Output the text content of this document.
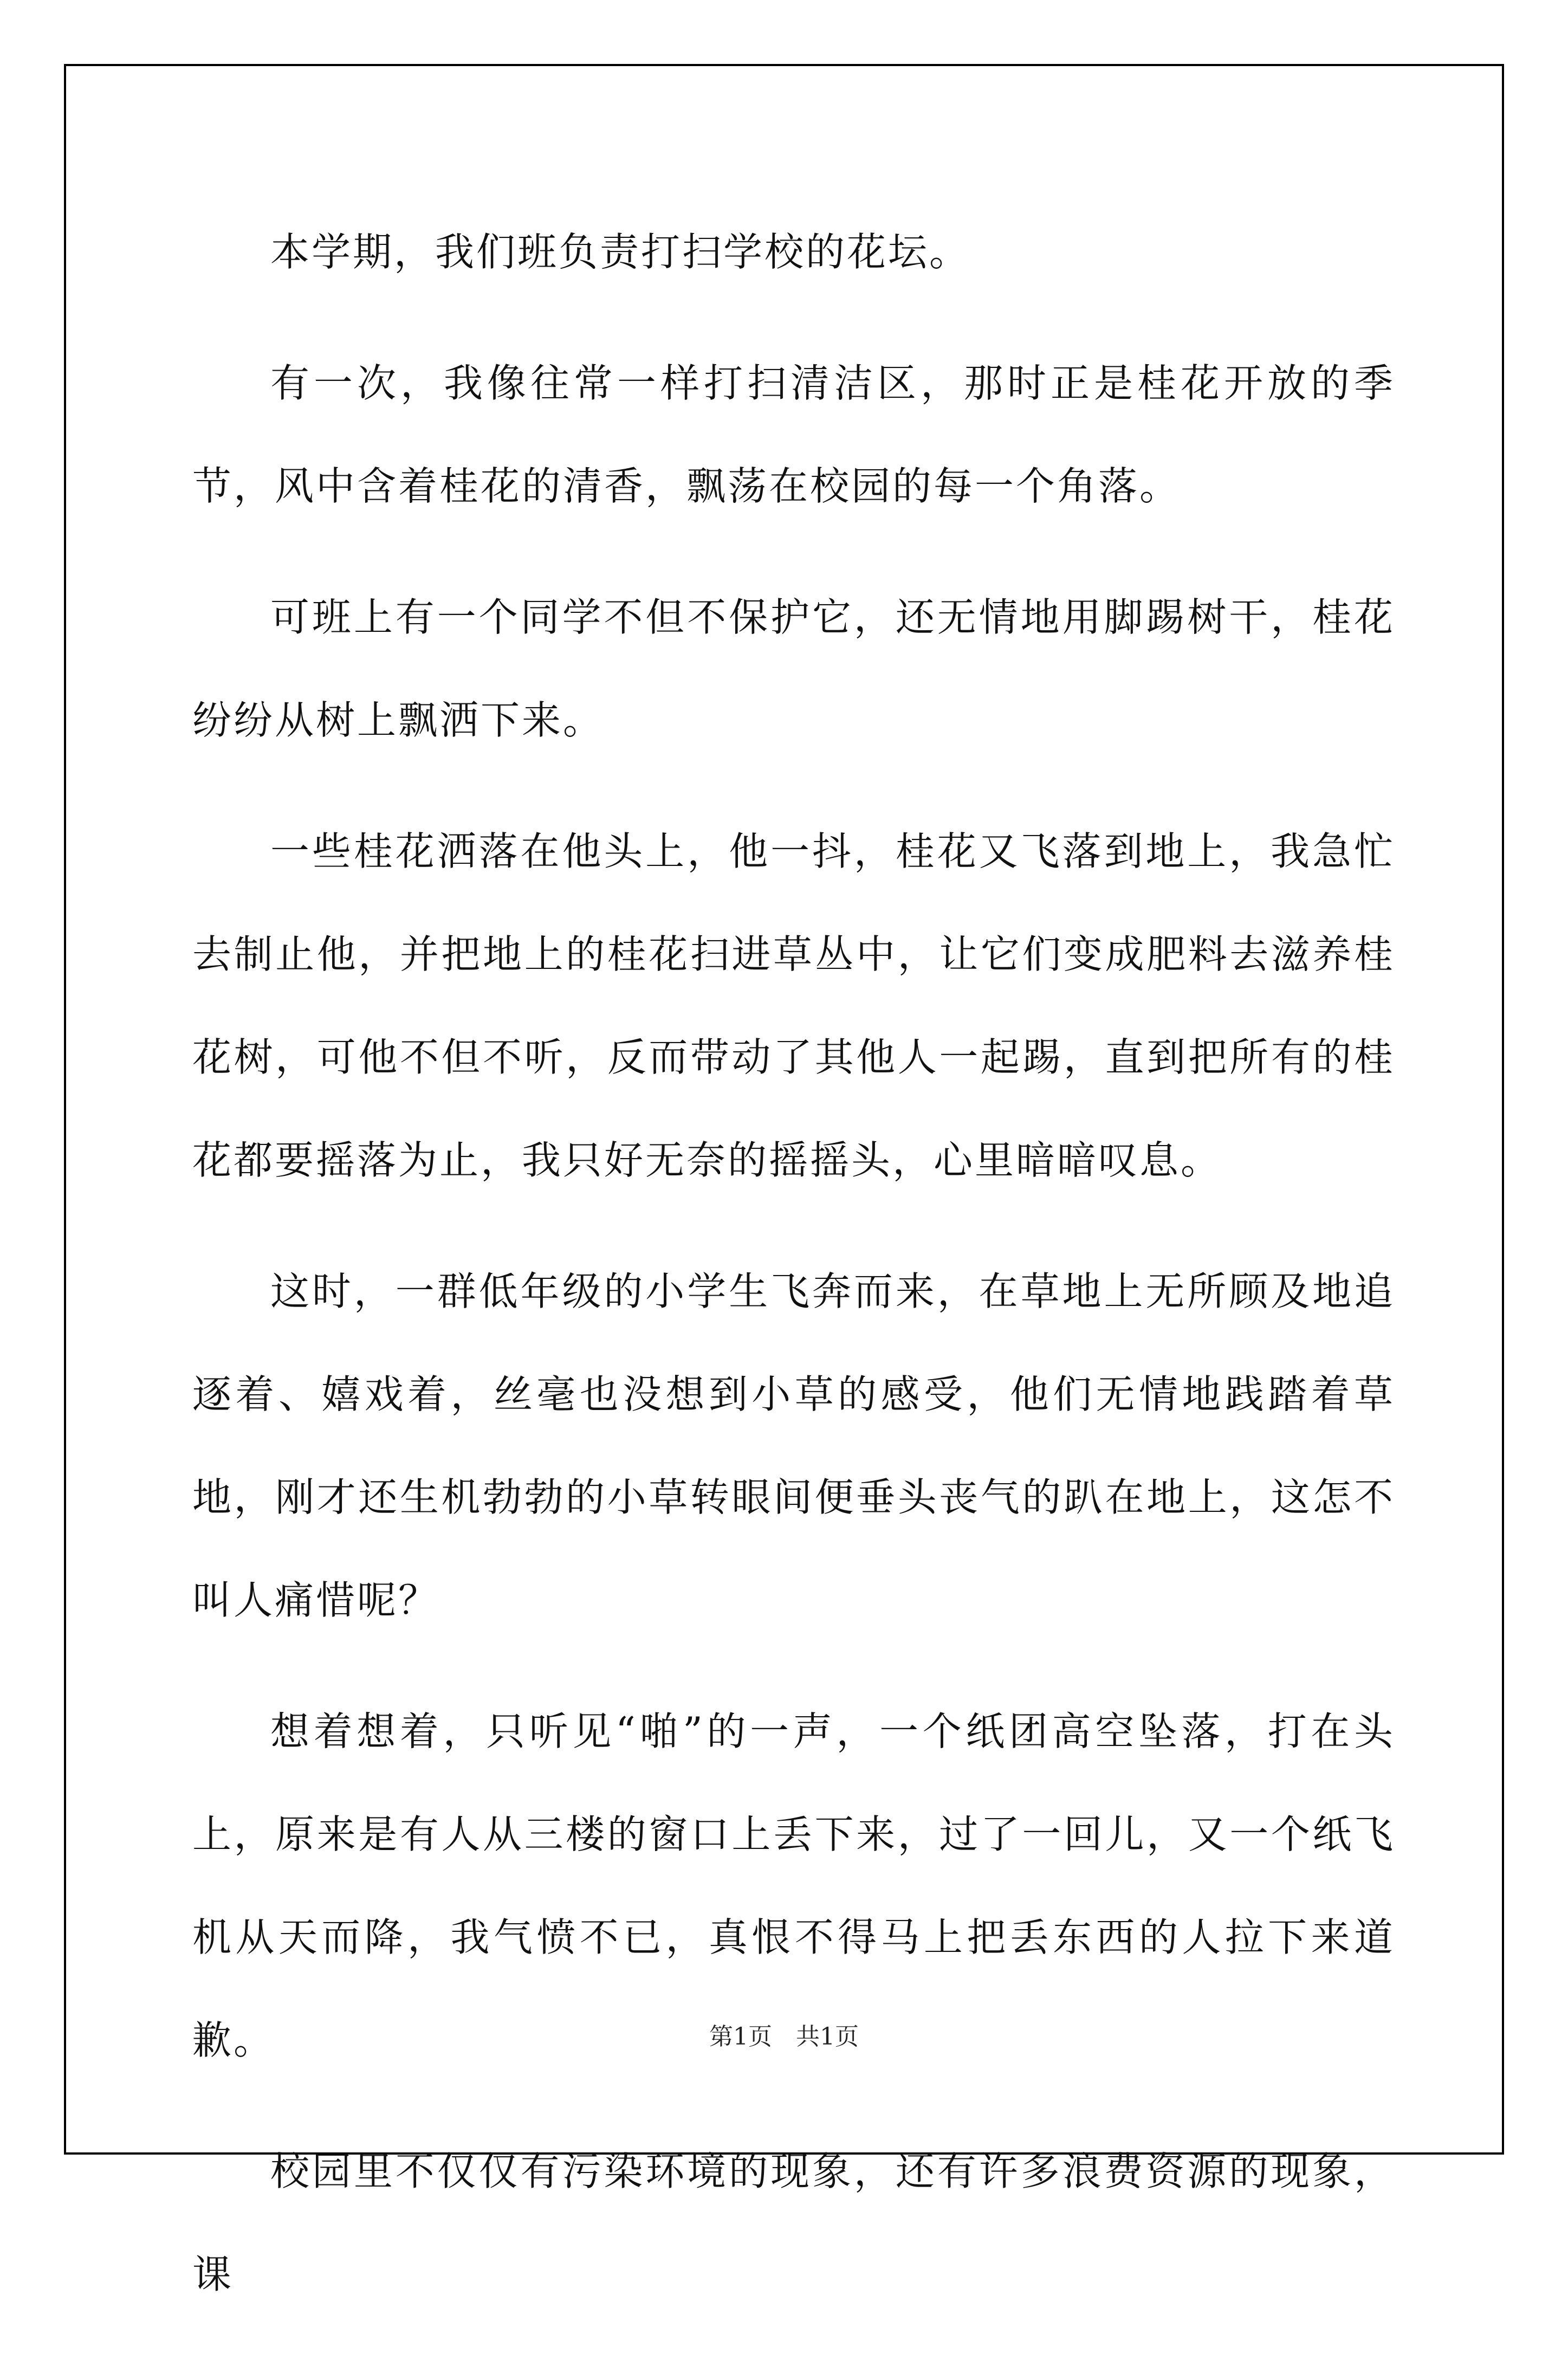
本学期，我们班负责打扫学校的花坛。

有一次，我像往常一样打扫清洁区，那时正是桂花开放的季节，风中含着桂花的清香，飘荡在校园的每一个角落。

可班上有一个同学不但不保护它，还无情地用脚踢树干，桂花纷纷从树上飘洒下来。

一些桂花洒落在他头上，他一抖，桂花又飞落到地上，我急忙去制止他，并把地上的桂花扫进草丛中，让它们变成肥料去滋养桂花树，可他不但不听，反而带动了其他人一起踢，直到把所有的桂花都要摇落为止，我只好无奈的摇摇头，心里暗暗叹息。

这时，一群低年级的小学生飞奔而来，在草地上无所顾及地追逐着、嬉戏着，丝毫也没想到小草的感受，他们无情地践踏着草地，刚才还生机勃勃的小草转眼间便垂头丧气的趴在地上，这怎不叫人痛惜呢？

想着想着，只听见“啪”的一声，一个纸团高空坠落，打在头上，原来是有人从三楼的窗口上丢下来，过了一回儿，又一个纸飞机从天而降，我气愤不已，真恨不得马上把丢东西的人拉下来道歉。

校园里不仅仅有污染环境的现象，还有许多浪费资源的现象，课

第1页　共1页
